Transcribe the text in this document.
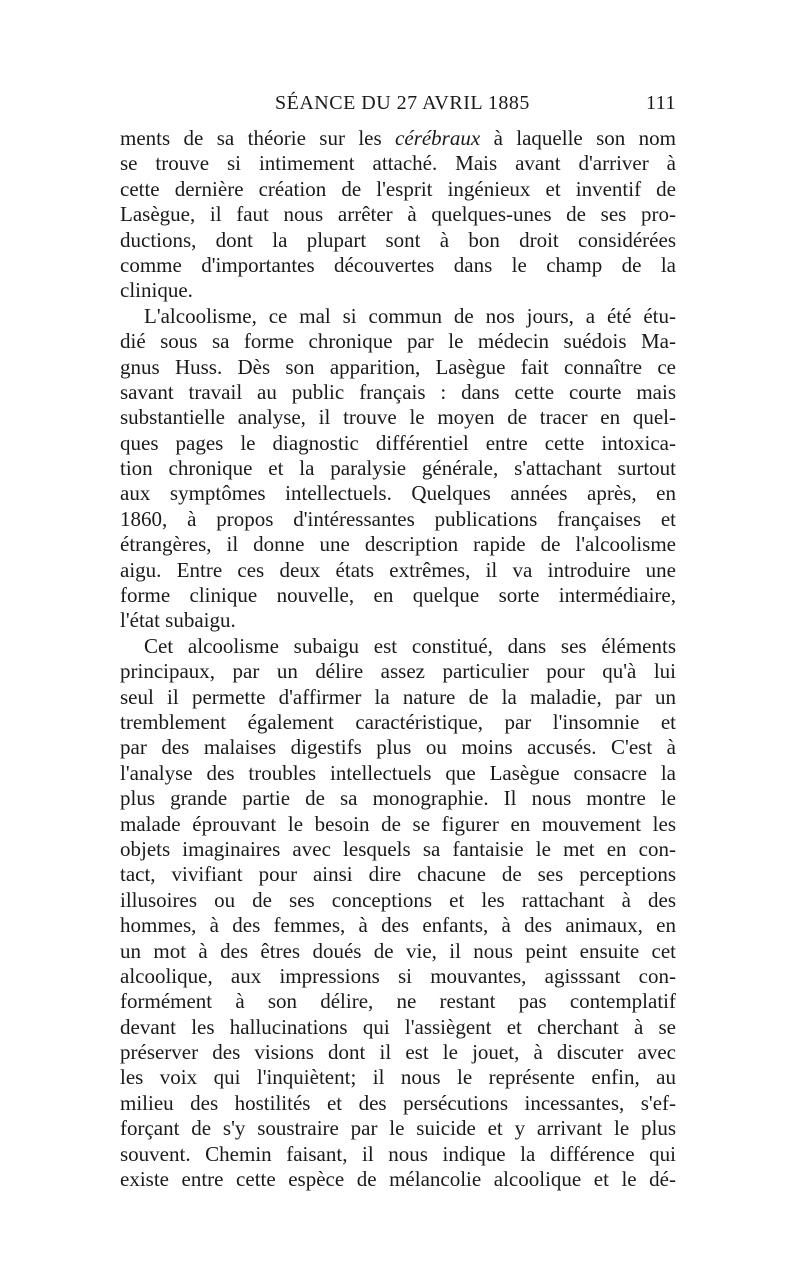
SÉANCE DU 27 AVRIL 1885	111
ments de sa théorie sur les cérébraux à laquelle son nom
se trouve si intimement attaché. Mais avant d'arriver à
cette dernière création de l'esprit ingénieux et inventif de
Lasègue, il faut nous arrêter à quelques-unes de ses pro-
ductions, dont la plupart sont à bon droit considérées
comme d'importantes découvertes dans le champ de la
clinique.
L'alcoolisme, ce mal si commun de nos jours, a été étu-
dié sous sa forme chronique par le médecin suédois Ma-
gnus Huss. Dès son apparition, Lasègue fait connaître ce
savant travail au public français : dans cette courte mais
substantielle analyse, il trouve le moyen de tracer en quel-
ques pages le diagnostic différentiel entre cette intoxica-
tion chronique et la paralysie générale, s'attachant surtout
aux symptômes intellectuels. Quelques années après, en
1860, à propos d'intéressantes publications françaises et
étrangères, il donne une description rapide de l'alcoolisme
aigu. Entre ces deux états extrêmes, il va introduire une
forme clinique nouvelle, en quelque sorte intermédiaire,
l'état subaigu.
Cet alcoolisme subaigu est constitué, dans ses éléments
principaux, par un délire assez particulier pour qu'à lui
seul il permette d'affirmer la nature de la maladie, par un
tremblement également caractéristique, par l'insomnie et
par des malaises digestifs plus ou moins accusés. C'est à
l'analyse des troubles intellectuels que Lasègue consacre la
plus grande partie de sa monographie. Il nous montre le
malade éprouvant le besoin de se figurer en mouvement les
objets imaginaires avec lesquels sa fantaisie le met en con-
tact, vivifiant pour ainsi dire chacune de ses perceptions
illusoires ou de ses conceptions et les rattachant à des
hommes, à des femmes, à des enfants, à des animaux, en
un mot à des êtres doués de vie, il nous peint ensuite cet
alcoolique, aux impressions si mouvantes, agisssant con-
formément à son délire, ne restant pas contemplatif
devant les hallucinations qui l'assiègent et cherchant à se
préserver des visions dont il est le jouet, à discuter avec
les voix qui l'inquiètent; il nous le représente enfin, au
milieu des hostilités et des persécutions incessantes, s'ef-
forçant de s'y soustraire par le suicide et y arrivant le plus
souvent. Chemin faisant, il nous indique la différence qui
existe entre cette espèce de mélancolie alcoolique et le dé-
